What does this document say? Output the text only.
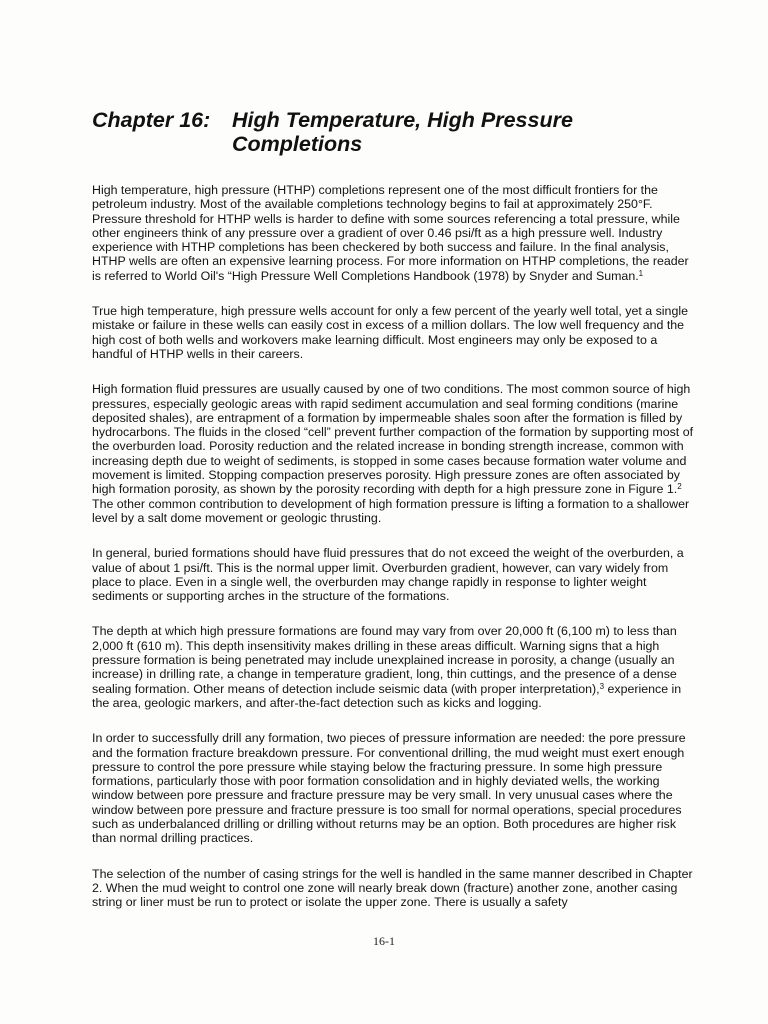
Chapter 16: High Temperature, High Pressure
Completions

High temperature, high pressure (HTHP) completions represent one of the most difficult frontiers for the petroleum industry. Most of the available completions technology begins to fail at approximately 250°F. Pressure threshold for HTHP wells is harder to define with some sources referencing a total pressure, while other engineers think of any pressure over a gradient of over 0.46 psi/ft as a high pressure well. Industry experience with HTHP completions has been checkered by both success and failure. In the final analysis, HTHP wells are often an expensive learning process. For more information on HTHP completions, the reader is referred to World Oil's “High Pressure Well Completions Handbook (1978) by Snyder and Suman.$^1$

True high temperature, high pressure wells account for only a few percent of the yearly well total, yet a single mistake or failure in these wells can easily cost in excess of a million dollars. The low well frequency and the high cost of both wells and workovers make learning difficult. Most engineers may only be exposed to a handful of HTHP wells in their careers.

High formation fluid pressures are usually caused by one of two conditions. The most common source of high pressures, especially geologic areas with rapid sediment accumulation and seal forming conditions (marine deposited shales), are entrapment of a formation by impermeable shales soon after the formation is filled by hydrocarbons. The fluids in the closed “cell” prevent further compaction of the formation by supporting most of the overburden load. Porosity reduction and the related increase in bonding strength increase, common with increasing depth due to weight of sediments, is stopped in some cases because formation water volume and movement is limited. Stopping compaction preserves porosity. High pressure zones are often associated by high formation porosity, as shown by the porosity recording with depth for a high pressure zone in Figure 1.$^2$ The other common contribution to development of high formation pressure is lifting a formation to a shallower level by a salt dome movement or geologic thrusting.

In general, buried formations should have fluid pressures that do not exceed the weight of the overburden, a value of about 1 psi/ft. This is the normal upper limit. Overburden gradient, however, can vary widely from place to place. Even in a single well, the overburden may change rapidly in response to lighter weight sediments or supporting arches in the structure of the formations.

The depth at which high pressure formations are found may vary from over 20,000 ft (6,100 m) to less than 2,000 ft (610 m). This depth insensitivity makes drilling in these areas difficult. Warning signs that a high pressure formation is being penetrated may include unexplained increase in porosity, a change (usually an increase) in drilling rate, a change in temperature gradient, long, thin cuttings, and the presence of a dense sealing formation. Other means of detection include seismic data (with proper interpretation),$^3$ experience in the area, geologic markers, and after-the-fact detection such as kicks and logging.

In order to successfully drill any formation, two pieces of pressure information are needed: the pore pressure and the formation fracture breakdown pressure. For conventional drilling, the mud weight must exert enough pressure to control the pore pressure while staying below the fracturing pressure. In some high pressure formations, particularly those with poor formation consolidation and in highly deviated wells, the working window between pore pressure and fracture pressure may be very small. In very unusual cases where the window between pore pressure and fracture pressure is too small for normal operations, special procedures such as underbalanced drilling or drilling without returns may be an option. Both procedures are higher risk than normal drilling practices.

The selection of the number of casing strings for the well is handled in the same manner described in Chapter 2. When the mud weight to control one zone will nearly break down (fracture) another zone, another casing string or liner must be run to protect or isolate the upper zone. There is usually a safety

16-1
